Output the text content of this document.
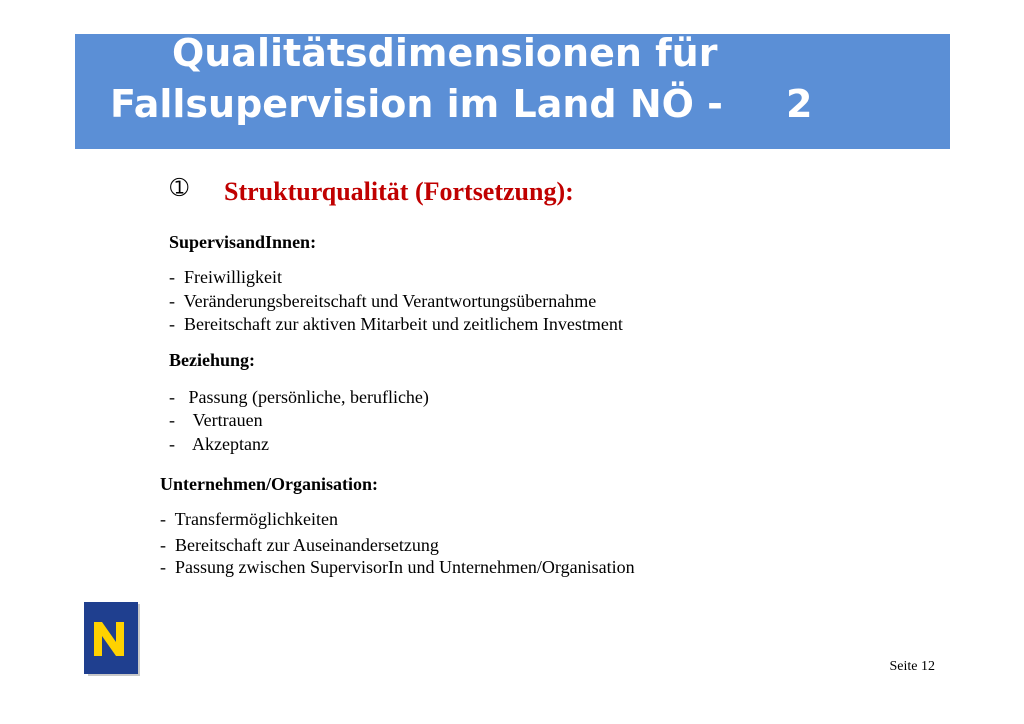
Qualitätsdimensionen für
Fallsupervision im Land NÖ - 2
➀ Strukturqualität (Fortsetzung):
SupervisandInnen:
-  Freiwilligkeit
-  Veränderungsbereitschaft und Verantwortungsübernahme
-  Bereitschaft zur aktiven Mitarbeit und zeitlichem Investment
Beziehung:
-   Passung (persönliche, berufliche)
-    Vertrauen
-    Akzeptanz
Unternehmen/Organisation:
-  Transfermöglichkeiten
-  Bereitschaft zur Auseinandersetzung
-  Passung zwischen SupervisorIn und Unternehmen/Organisation
Seite 12
